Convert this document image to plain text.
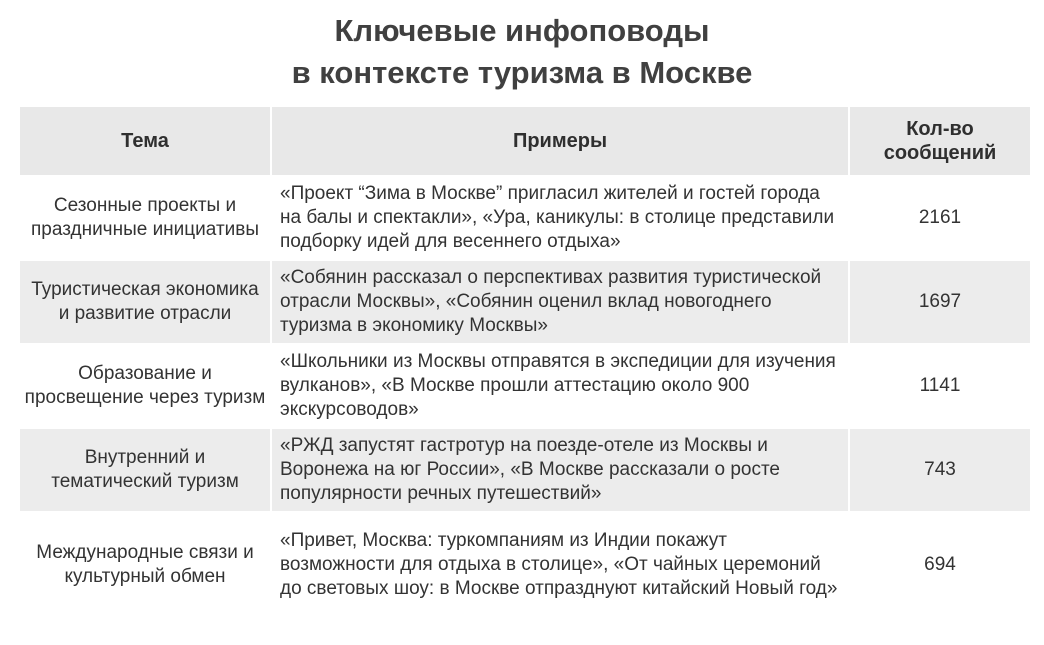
Ключевые инфоповоды
в контексте туризма в Москве
Тема	Примеры	Кол-во сообщений
Сезонные проекты и праздничные инициативы	«Проект “Зима в Москве” пригласил жителей и гостей города на балы и спектакли», «Ура, каникулы: в столице представили подборку идей для весеннего отдыха»	2161
Туристическая экономика и развитие отрасли	«Собянин рассказал о перспективах развития туристической отрасли Москвы», «Собянин оценил вклад новогоднего туризма в экономику Москвы»	1697
Образование и просвещение через туризм	«Школьники из Москвы отправятся в экспедиции для изучения вулканов», «В Москве прошли аттестацию около 900 экскурсоводов»	1141
Внутренний и тематический туризм	«РЖД запустят гастротур на поезде-отеле из Москвы и Воронежа на юг России», «В Москве рассказали о росте популярности речных путешествий»	743
Международные связи и культурный обмен	«Привет, Москва: туркомпаниям из Индии покажут возможности для отдыха в столице», «От чайных церемоний до световых шоу: в Москве отпразднуют китайский Новый год»	694
